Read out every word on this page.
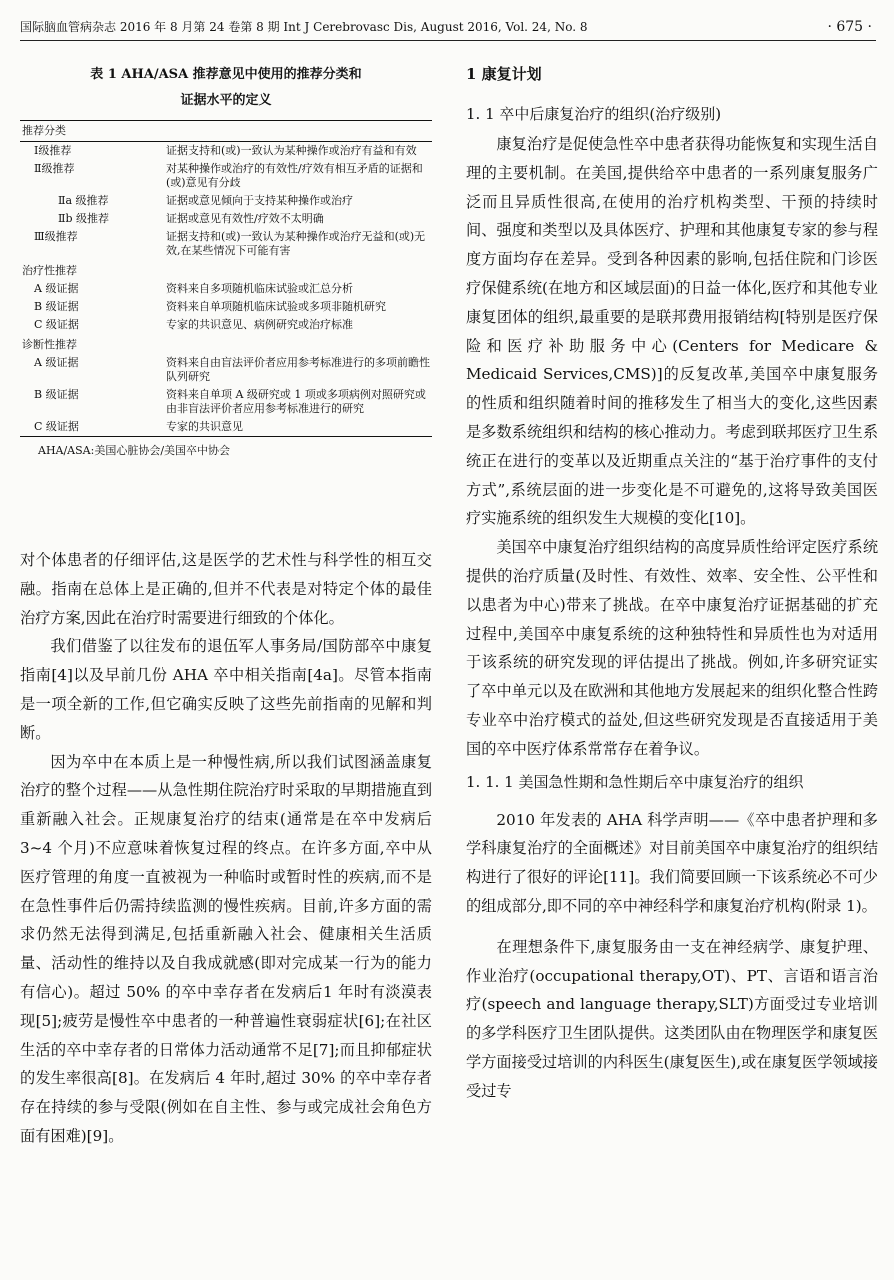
国际脑血管病杂志 2016 年 8 月第 24 卷第 8 期 Int J Cerebrovasc Dis, August 2016, Vol. 24, No. 8	· 675 ·

表 1 AHA/ASA 推荐意见中使用的推荐分类和

证据水平的定义

推荐分类	
Ⅰ级推荐	证据支持和(或)一致认为某种操作或治疗有益和有效
Ⅱ级推荐	对某种操作或治疗的有效性/疗效有相互矛盾的证据和(或)意见有分歧
Ⅱa 级推荐	证据或意见倾向于支持某种操作或治疗
Ⅱb 级推荐	证据或意见有效性/疗效不太明确
Ⅲ级推荐	证据支持和(或)一致认为某种操作或治疗无益和(或)无效,在某些情况下可能有害
治疗性推荐	
A 级证据	资料来自多项随机临床试验或汇总分析
B 级证据	资料来自单项随机临床试验或多项非随机研究
C 级证据	专家的共识意见、病例研究或治疗标准
诊断性推荐	
A 级证据	资料来自由盲法评价者应用参考标准进行的多项前瞻性队列研究
B 级证据	资料来自单项 A 级研究或 1 项或多项病例对照研究或由非盲法评价者应用参考标准进行的研究
C 级证据	专家的共识意见

AHA/ASA:美国心脏协会/美国卒中协会

对个体患者的仔细评估,这是医学的艺术性与科学性的相互交融。指南在总体上是正确的,但并不代表是对特定个体的最佳治疗方案,因此在治疗时需要进行细致的个体化。

我们借鉴了以往发布的退伍军人事务局/国防部卒中康复指南[4]以及早前几份 AHA 卒中相关指南[4a]。尽管本指南是一项全新的工作,但它确实反映了这些先前指南的见解和判断。

因为卒中在本质上是一种慢性病,所以我们试图涵盖康复治疗的整个过程——从急性期住院治疗时采取的早期措施直到重新融入社会。正规康复治疗的结束(通常是在卒中发病后3~4 个月)不应意味着恢复过程的终点。在许多方面,卒中从医疗管理的角度一直被视为一种临时或暂时性的疾病,而不是在急性事件后仍需持续监测的慢性疾病。目前,许多方面的需求仍然无法得到满足,包括重新融入社会、健康相关生活质量、活动性的维持以及自我成就感(即对完成某一行为的能力有信心)。超过 50% 的卒中幸存者在发病后1 年时有淡漠表现[5];疲劳是慢性卒中患者的一种普遍性衰弱症状[6];在社区生活的卒中幸存者的日常体力活动通常不足[7];而且抑郁症状的发生率很高[8]。在发病后 4 年时,超过 30% 的卒中幸存者存在持续的参与受限(例如在自主性、参与或完成社会角色方面有困难)[9]。

1 康复计划
1. 1 卒中后康复治疗的组织(治疗级别)

康复治疗是促使急性卒中患者获得功能恢复和实现生活自理的主要机制。在美国,提供给卒中患者的一系列康复服务广泛而且异质性很高,在使用的治疗机构类型、干预的持续时间、强度和类型以及具体医疗、护理和其他康复专家的参与程度方面均存在差异。受到各种因素的影响,包括住院和门诊医疗保健系统(在地方和区域层面)的日益一体化,医疗和其他专业康复团体的组织,最重要的是联邦费用报销结构[特别是医疗保险和医疗补助服务中心(Centers for Medicare & Medicaid Services,CMS)]的反复改革,美国卒中康复服务的性质和组织随着时间的推移发生了相当大的变化,这些因素是多数系统组织和结构的核心推动力。考虑到联邦医疗卫生系统正在进行的变革以及近期重点关注的“基于治疗事件的支付方式”,系统层面的进一步变化是不可避免的,这将导致美国医疗实施系统的组织发生大规模的变化[10]。

美国卒中康复治疗组织结构的高度异质性给评定医疗系统提供的治疗质量(及时性、有效性、效率、安全性、公平性和以患者为中心)带来了挑战。在卒中康复治疗证据基础的扩充过程中,美国卒中康复系统的这种独特性和异质性也为对适用于该系统的研究发现的评估提出了挑战。例如,许多研究证实了卒中单元以及在欧洲和其他地方发展起来的组织化整合性跨专业卒中治疗模式的益处,但这些研究发现是否直接适用于美国的卒中医疗体系常常存在着争议。

1. 1. 1 美国急性期和急性期后卒中康复治疗的组织

2010 年发表的 AHA 科学声明——《卒中患者护理和多学科康复治疗的全面概述》对目前美国卒中康复治疗的组织结构进行了很好的评论[11]。我们简要回顾一下该系统必不可少的组成部分,即不同的卒中神经科学和康复治疗机构(附录 1)。

在理想条件下,康复服务由一支在神经病学、康复护理、作业治疗(occupational therapy,OT)、PT、言语和语言治疗(speech and language therapy,SLT)方面受过专业培训的多学科医疗卫生团队提供。这类团队由在物理医学和康复医学方面接受过培训的内科医生(康复医生),或在康复医学领域接受过专
